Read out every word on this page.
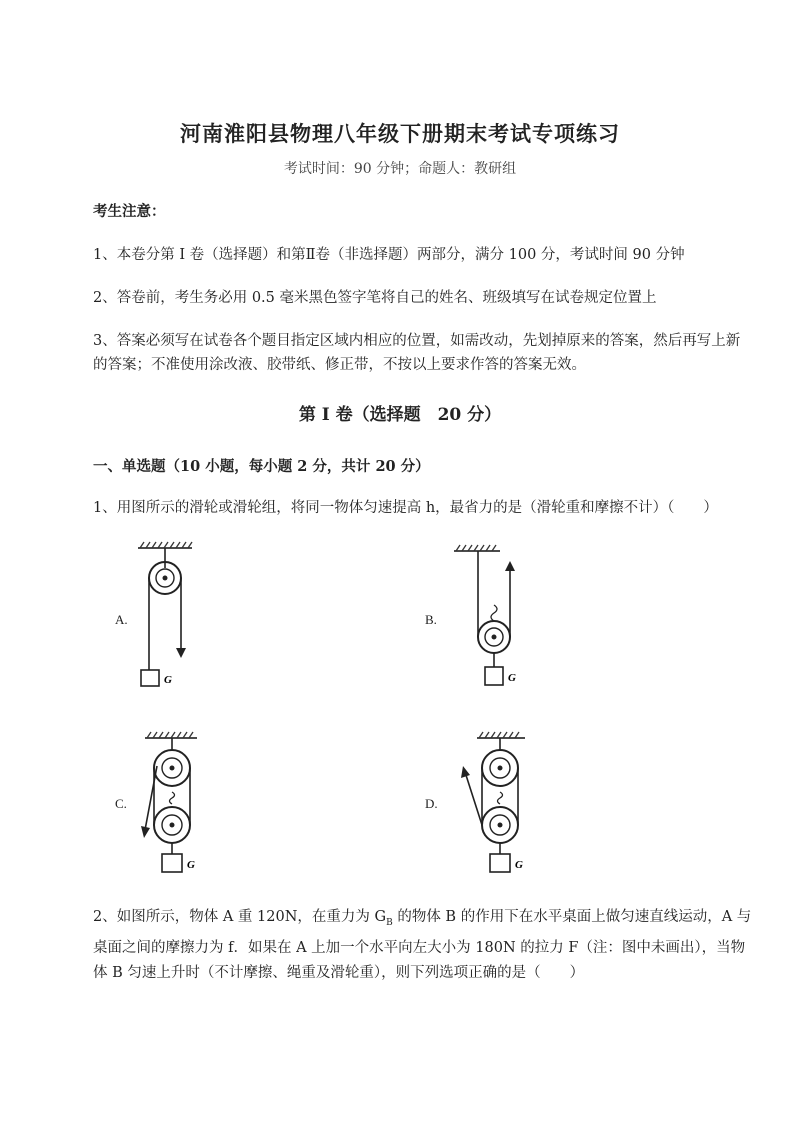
河南淮阳县物理八年级下册期末考试专项练习
考试时间：90 分钟；命题人：教研组
考生注意：
1、本卷分第 I 卷（选择题）和第Ⅱ卷（非选择题）两部分，满分 100 分，考试时间 90 分钟
2、答卷前，考生务必用 0.5 毫米黑色签字笔将自己的姓名、班级填写在试卷规定位置上
3、答案必须写在试卷各个题目指定区域内相应的位置，如需改动，先划掉原来的答案，然后再写上新的答案；不准使用涂改液、胶带纸、修正带，不按以上要求作答的答案无效。
第 I 卷（选择题　20 分）
一、单选题（10 小题，每小题 2 分，共计 20 分）
1、用图所示的滑轮或滑轮组，将同一物体匀速提高 h，最省力的是（滑轮重和摩擦不计）（　　）
A.	B.
C.	D.
G	G
G	G
2、如图所示，物体 A 重 120N，在重力为 $G_B$ 的物体 B 的作用下在水平桌面上做匀速直线运动，A 与桌面之间的摩擦力为 f．如果在 A 上加一个水平向左大小为 180N 的拉力 F（注：图中未画出），当物体 B 匀速上升时（不计摩擦、绳重及滑轮重），则下列选项正确的是（　　）
